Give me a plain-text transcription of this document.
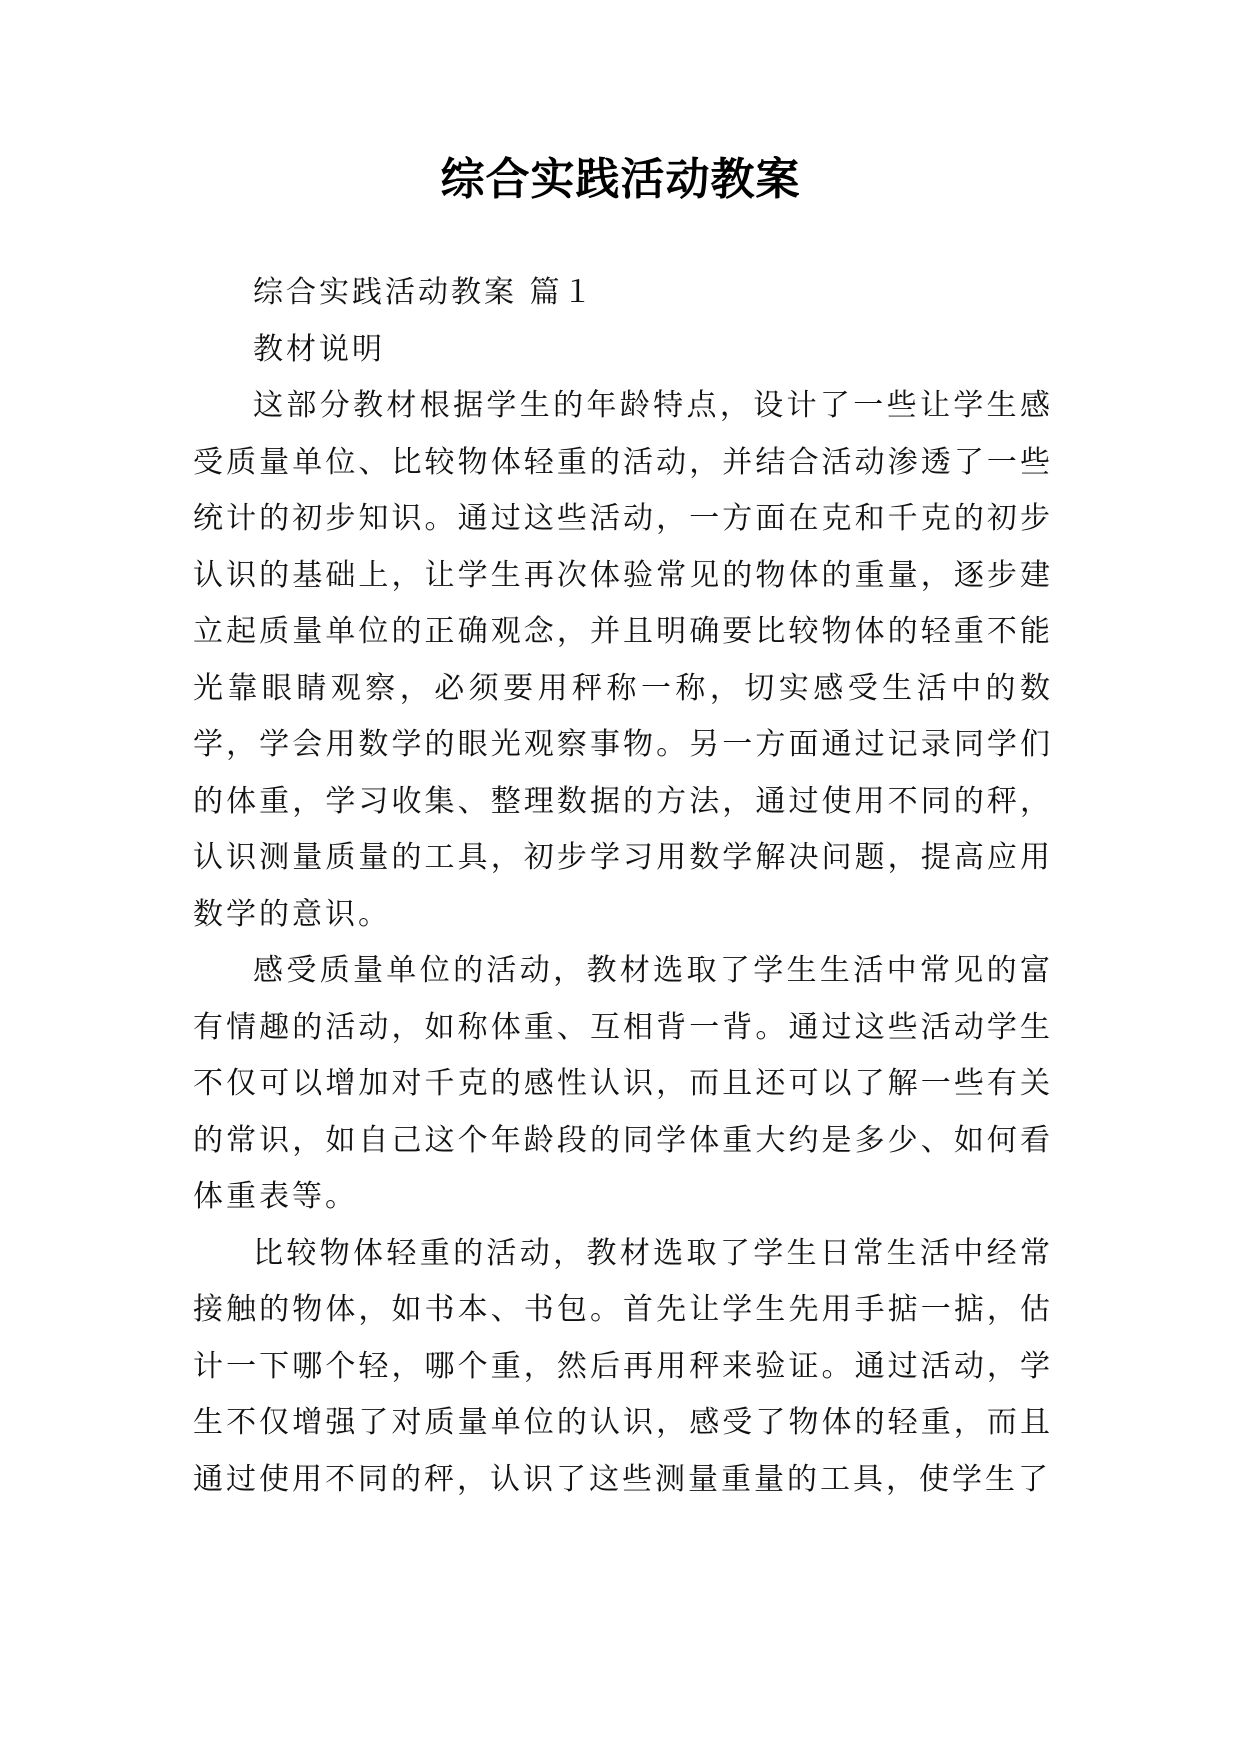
综合实践活动教案

综合实践活动教案 篇１

教材说明

这部分教材根据学生的年龄特点，设计了一些让学生感受质量单位、比较物体轻重的活动，并结合活动渗透了一些统计的初步知识。通过这些活动，一方面在克和千克的初步认识的基础上，让学生再次体验常见的物体的重量，逐步建立起质量单位的正确观念，并且明确要比较物体的轻重不能光靠眼睛观察，必须要用秤称一称，切实感受生活中的数学，学会用数学的眼光观察事物。另一方面通过记录同学们的体重，学习收集、整理数据的方法，通过使用不同的秤，认识测量质量的工具，初步学习用数学解决问题，提高应用数学的意识。

感受质量单位的活动，教材选取了学生生活中常见的富有情趣的活动，如称体重、互相背一背。通过这些活动学生不仅可以增加对千克的感性认识，而且还可以了解一些有关的常识，如自己这个年龄段的同学体重大约是多少、如何看体重表等。

比较物体轻重的活动，教材选取了学生日常生活中经常接触的物体，如书本、书包。首先让学生先用手掂一掂，估计一下哪个轻，哪个重，然后再用秤来验证。通过活动，学生不仅增强了对质量单位的认识，感受了物体的轻重，而且通过使用不同的秤，认识了这些测量重量的工具，使学生了
